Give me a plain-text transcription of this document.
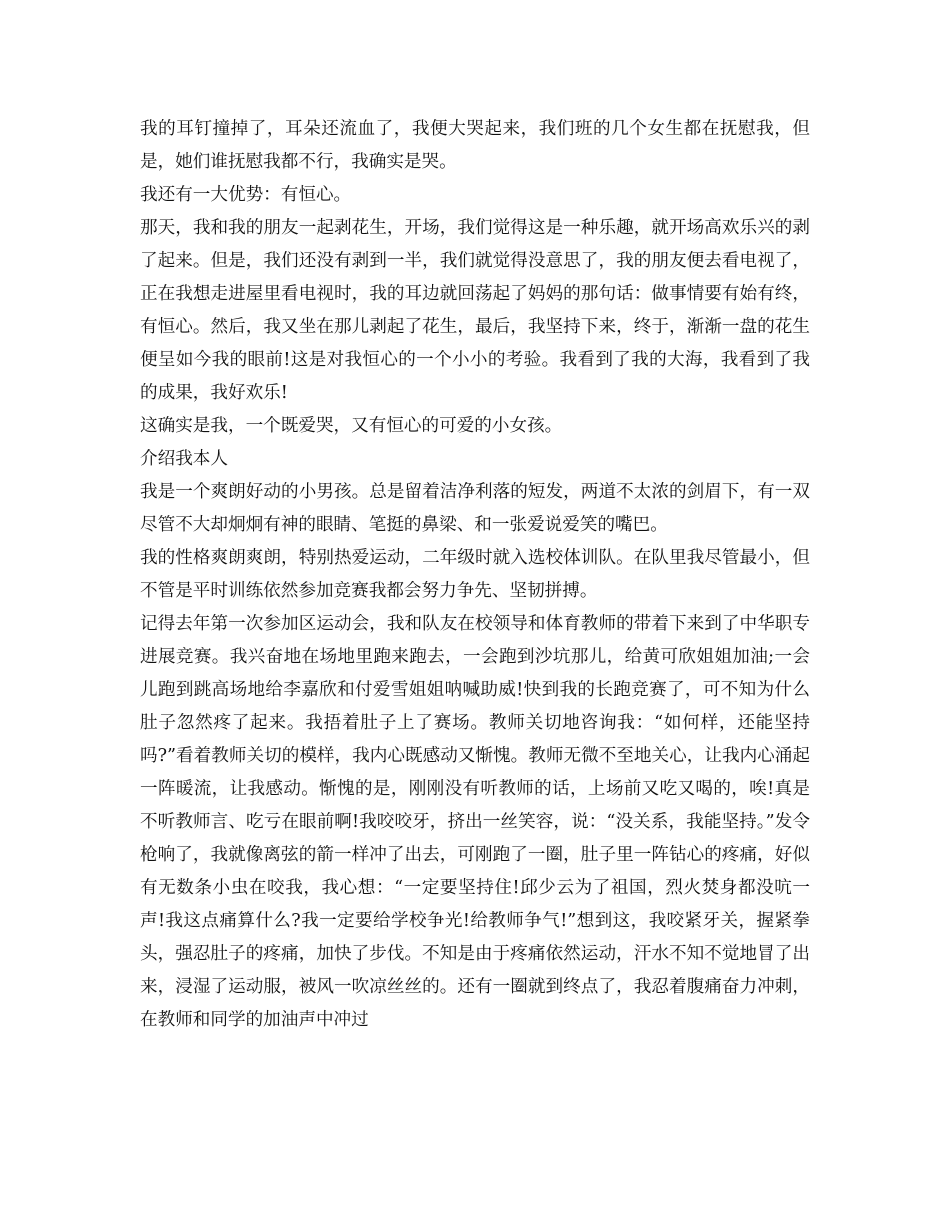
我的耳钉撞掉了，耳朵还流血了，我便大哭起来，我们班的几个女生都在抚慰我，但是，她们谁抚慰我都不行，我确实是哭。

我还有一大优势：有恒心。

那天，我和我的朋友一起剥花生，开场，我们觉得这是一种乐趣，就开场高欢乐兴的剥了起来。但是，我们还没有剥到一半，我们就觉得没意思了，我的朋友便去看电视了，正在我想走进屋里看电视时，我的耳边就回荡起了妈妈的那句话：做事情要有始有终，有恒心。然后，我又坐在那儿剥起了花生，最后，我坚持下来，终于，渐渐一盘的花生便呈如今我的眼前!这是对我恒心的一个小小的考验。我看到了我的大海，我看到了我的成果，我好欢乐!

这确实是我，一个既爱哭，又有恒心的可爱的小女孩。

介绍我本人

我是一个爽朗好动的小男孩。总是留着洁净利落的短发，两道不太浓的剑眉下，有一双尽管不大却炯炯有神的眼睛、笔挺的鼻梁、和一张爱说爱笑的嘴巴。

我的性格爽朗爽朗，特别热爱运动，二年级时就入选校体训队。在队里我尽管最小，但不管是平时训练依然参加竞赛我都会努力争先、坚韧拼搏。

记得去年第一次参加区运动会，我和队友在校领导和体育教师的带着下来到了中华职专进展竞赛。我兴奋地在场地里跑来跑去，一会跑到沙坑那儿，给黄可欣姐姐加油;一会儿跑到跳高场地给李嘉欣和付爱雪姐姐呐喊助威!快到我的长跑竞赛了，可不知为什么肚子忽然疼了起来。我捂着肚子上了赛场。教师关切地咨询我：“如何样，还能坚持吗?”看着教师关切的模样，我内心既感动又惭愧。教师无微不至地关心，让我内心涌起一阵暖流，让我感动。惭愧的是，刚刚没有听教师的话，上场前又吃又喝的，唉!真是不听教师言、吃亏在眼前啊!我咬咬牙，挤出一丝笑容，说：“没关系，我能坚持。”发令枪响了，我就像离弦的箭一样冲了出去，可刚跑了一圈，肚子里一阵钻心的疼痛，好似有无数条小虫在咬我，我心想：“一定要坚持住!邱少云为了祖国，烈火焚身都没吭一声!我这点痛算什么?我一定要给学校争光!给教师争气!”想到这，我咬紧牙关，握紧拳头，强忍肚子的疼痛，加快了步伐。不知是由于疼痛依然运动，汗水不知不觉地冒了出来，浸湿了运动服，被风一吹凉丝丝的。还有一圈就到终点了，我忍着腹痛奋力冲刺，在教师和同学的加油声中冲过
